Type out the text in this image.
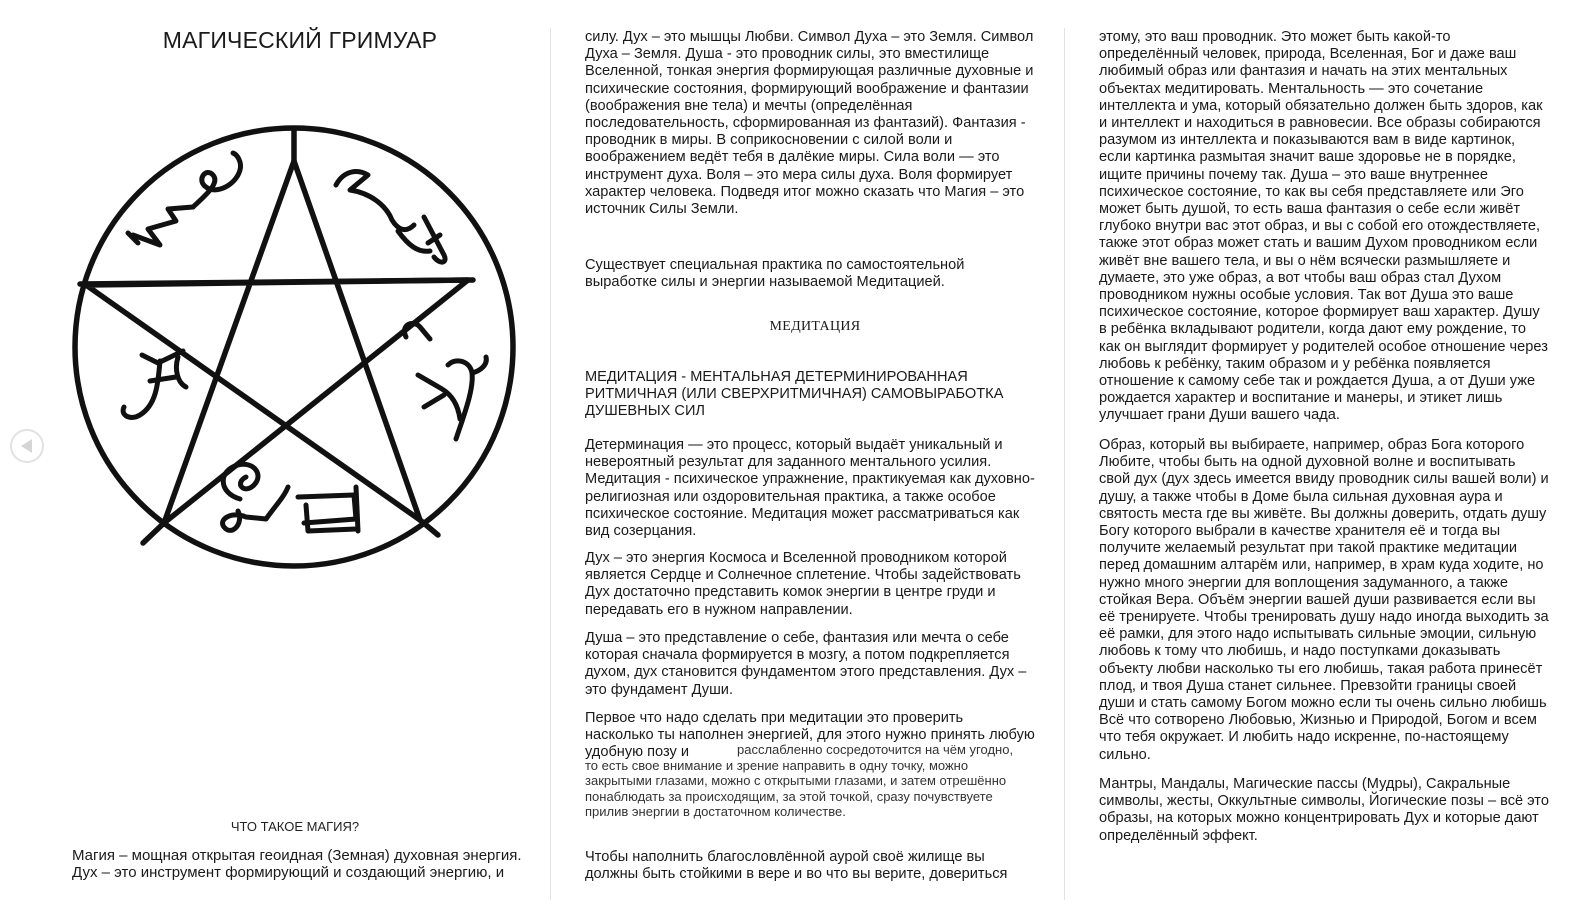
МАГИЧЕСКИЙ ГРИМУАР
ЧТО ТАКОЕ МАГИЯ?

Магия – мощная открытая геоидная (Земная) духовная энергия. Дух – это инструмент формирующий и создающий энергию, и

силу. Дух – это мышцы Любви. Символ Духа – это Земля. Символ Духа – Земля. Душа - это проводник силы, это вместилище Вселенной, тонкая энергия формирующая различные духовные и психические состояния, формирующий воображение и фантазии (воображения вне тела) и мечты (определённая последовательность, сформированная из фантазий). Фантазия - проводник в миры. В соприкосновении с силой воли и воображением ведёт тебя в далёкие миры. Сила воли — это инструмент духа. Воля – это мера силы духа. Воля формирует характер человека. Подведя итог можно сказать что Магия – это источник Силы Земли.

Существует специальная практика по самостоятельной выработке силы и энергии называемой Медитацией.

МЕДИТАЦИЯ

МЕДИТАЦИЯ - МЕНТАЛЬНАЯ ДЕТЕРМИНИРОВАННАЯ РИТМИЧНАЯ (ИЛИ СВЕРХРИТМИЧНАЯ) САМОВЫРАБОТКА ДУШЕВНЫХ СИЛ

Детерминация — это процесс, который выдаёт уникальный и невероятный результат для заданного ментального усилия. Медитация - психическое упражнение, практикуемая как духовно-религиозная или оздоровительная практика, а также особое психическое состояние. Медитация может рассматриваться как вид созерцания.

Дух – это энергия Космоса и Вселенной проводником которой является Сердце и Солнечное сплетение. Чтобы задействовать Дух достаточно представить комок энергии в центре груди и передавать его в нужном направлении.

Душа – это представление о себе, фантазия или мечта о себе которая сначала формируется в мозгу, а потом подкрепляется духом, дух становится фундаментом этого представления. Дух – это фундамент Души.

Первое что надо сделать при медитации это проверить насколько ты наполнен энергией, для этого нужно принять любую удобную позу и	расслабленно сосредоточится на чём угодно, то есть свое внимание и зрение направить в одну точку, можно закрытыми глазами, можно с открытыми глазами, и затем отрешённо понаблюдать за происходящим, за этой точкой, сразу почувствуете прилив энергии в достаточном количестве.

Чтобы наполнить благословлённой аурой своё жилище вы должны быть стойкими в вере и во что вы верите, довериться

этому, это ваш проводник. Это может быть какой-то определённый человек, природа, Вселенная, Бог и даже ваш любимый образ или фантазия и начать на этих ментальных объектах медитировать. Ментальность — это сочетание интеллекта и ума, который обязательно должен быть здоров, как и интеллект и находиться в равновесии. Все образы собираются разумом из интеллекта и показываются вам в виде картинок, если картинка размытая значит ваше здоровье не в порядке, ищите причины почему так. Душа – это ваше внутреннее психическое состояние, то как вы себя представляете или Эго может быть душой, то есть ваша фантазия о себе если живёт глубоко внутри вас этот образ, и вы с собой его отождествляете, также этот образ может стать и вашим Духом проводником если живёт вне вашего тела, и вы о нём всячески размышляете и думаете, это уже образ, а вот чтобы ваш образ стал Духом проводником нужны особые условия. Так вот Душа это ваше психическое состояние, которое формирует ваш характер. Душу в ребёнка вкладывают родители, когда дают ему рождение, то как он выглядит формирует у родителей особое отношение через любовь к ребёнку, таким образом и у ребёнка появляется отношение к самому себе так и рождается Душа, а от Души уже рождается характер и воспитание и манеры, и этикет лишь улучшает грани Души вашего чада.

Образ, который вы выбираете, например, образ Бога которого Любите, чтобы быть на одной духовной волне и воспитывать свой дух (дух здесь имеется ввиду проводник силы вашей воли) и душу, а также чтобы в Доме была сильная духовная аура и святость места где вы живёте. Вы должны доверить, отдать душу Богу которого выбрали в качестве хранителя её и тогда вы получите желаемый результат при такой практике медитации перед домашним алтарём или, например, в храм куда ходите, но нужно много энергии для воплощения задуманного, а также стойкая Вера. Объём энергии вашей души развивается если вы её тренируете. Чтобы тренировать душу надо иногда выходить за её рамки, для этого надо испытывать сильные эмоции, сильную любовь к тому что любишь, и надо поступками доказывать объекту любви насколько ты его любишь, такая работа принесёт плод, и твоя Душа станет сильнее. Превзойти границы своей души и стать самому Богом можно если ты очень сильно любишь Всё что сотворено Любовью, Жизнью и Природой, Богом и всем что тебя окружает. И любить надо искренне, по-настоящему сильно.

Мантры, Мандалы, Магические пассы (Мудры), Сакральные символы, жесты, Оккультные символы, Йогические позы – всё это образы, на которых можно концентрировать Дух и которые дают определённый эффект.
